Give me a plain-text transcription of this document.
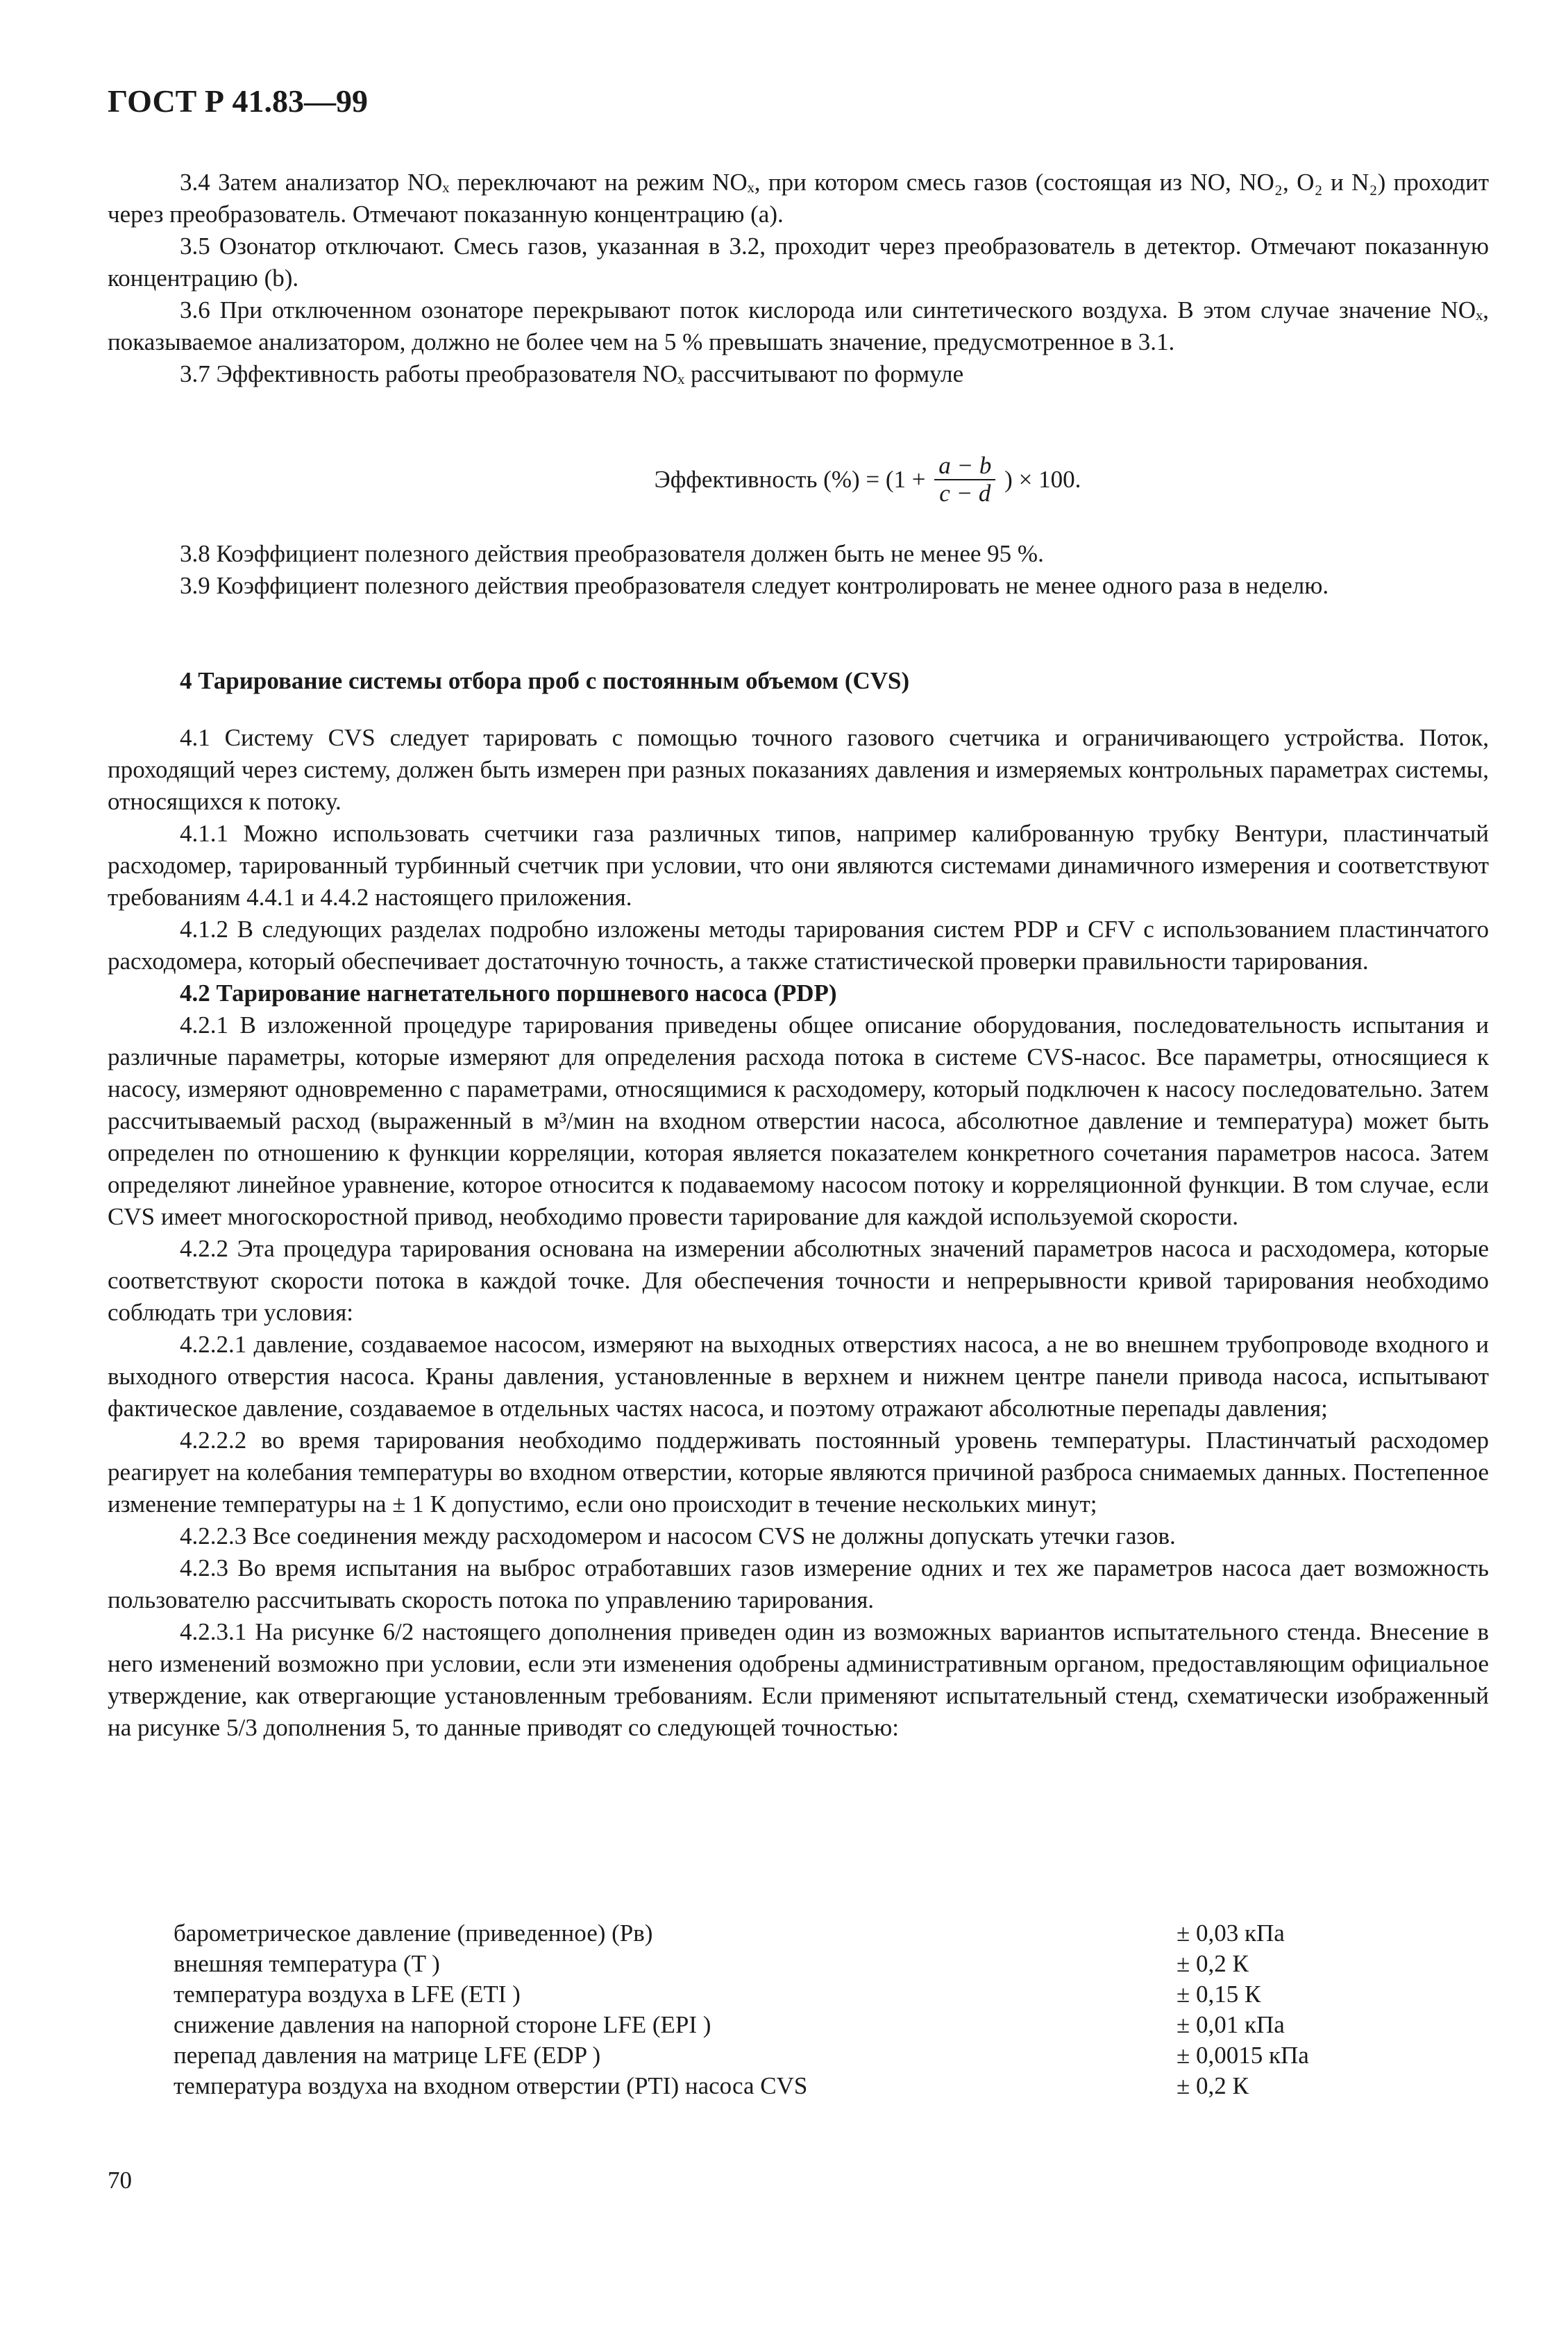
ГОСТ Р 41.83—99

3.4 Затем анализатор NOₓ переключают на режим NOₓ, при котором смесь газов (состоящая из NO, NO₂, O₂ и N₂) проходит через преобразователь. Отмечают показанную концентрацию (a).

3.5 Озонатор отключают. Смесь газов, указанная в 3.2, проходит через преобразователь в детектор. Отмечают показанную концентрацию (b).

3.6 При отключенном озонаторе перекрывают поток кислорода или синтетического воздуха. В этом случае значение NOₓ, показываемое анализатором, должно не более чем на 5 % превышать значение, предусмотренное в 3.1.

3.7 Эффективность работы преобразователя NOₓ рассчитывают по формуле

Эффективность (%) = ($1 + \frac{a - b}{c - d}$ ) × 100.

3.8 Коэффициент полезного действия преобразователя должен быть не менее 95 %.

3.9 Коэффициент полезного действия преобразователя следует контролировать не менее одного раза в неделю.

4 Тарирование системы отбора проб с постоянным объемом (CVS)

4.1 Систему CVS следует тарировать с помощью точного газового счетчика и ограничивающего устройства. Поток, проходящий через систему, должен быть измерен при разных показаниях давления и измеряемых контрольных параметрах системы, относящихся к потоку.

4.1.1 Можно использовать счетчики газа различных типов, например калиброванную трубку Вентури, пластинчатый расходомер, тарированный турбинный счетчик при условии, что они являются системами динамичного измерения и соответствуют требованиям 4.4.1 и 4.4.2 настоящего приложения.

4.1.2 В следующих разделах подробно изложены методы тарирования систем PDP и CFV с использованием пластинчатого расходомера, который обеспечивает достаточную точность, а также статистической проверки правильности тарирования.

4.2 Тарирование нагнетательного поршневого насоса (PDP)

4.2.1 В изложенной процедуре тарирования приведены общее описание оборудования, последовательность испытания и различные параметры, которые измеряют для определения расхода потока в системе CVS-насос. Все параметры, относящиеся к насосу, измеряют одновременно с параметрами, относящимися к расходомеру, который подключен к насосу последовательно. Затем рассчитываемый расход (выраженный в м³/мин на входном отверстии насоса, абсолютное давление и температура) может быть определен по отношению к функции корреляции, которая является показателем конкретного сочетания параметров насоса. Затем определяют линейное уравнение, которое относится к подаваемому насосом потоку и корреляционной функции. В том случае, если CVS имеет многоскоростной привод, необходимо провести тарирование для каждой используемой скорости.

4.2.2 Эта процедура тарирования основана на измерении абсолютных значений параметров насоса и расходомера, которые соответствуют скорости потока в каждой точке. Для обеспечения точности и непрерывности кривой тарирования необходимо соблюдать три условия:

4.2.2.1 давление, создаваемое насосом, измеряют на выходных отверстиях насоса, а не во внешнем трубопроводе входного и выходного отверстия насоса. Краны давления, установленные в верхнем и нижнем центре панели привода насоса, испытывают фактическое давление, создаваемое в отдельных частях насоса, и поэтому отражают абсолютные перепады давления;

4.2.2.2 во время тарирования необходимо поддерживать постоянный уровень температуры. Пластинчатый расходомер реагирует на колебания температуры во входном отверстии, которые являются причиной разброса снимаемых данных. Постепенное изменение температуры на ± 1 К допустимо, если оно происходит в течение нескольких минут;

4.2.2.3 Все соединения между расходомером и насосом CVS не должны допускать утечки газов.

4.2.3 Во время испытания на выброс отработавших газов измерение одних и тех же параметров насоса дает возможность пользователю рассчитывать скорость потока по управлению тарирования.

4.2.3.1 На рисунке 6/2 настоящего дополнения приведен один из возможных вариантов испытательного стенда. Внесение в него изменений возможно при условии, если эти изменения одобрены административным органом, предоставляющим официальное утверждение, как отвергающие установленным требованиям. Если применяют испытательный стенд, схематически изображенный на рисунке 5/3 дополнения 5, то данные приводят со следующей точностью:

барометрическое давление (приведенное) (Pв)	± 0,03 кПа
внешняя температура (T )	± 0,2 К
температура воздуха в LFE (ETI )	± 0,15 К
снижение давления на напорной стороне LFE (EPI )	± 0,01 кПа
перепад давления на матрице LFE (EDP )	± 0,0015 кПа
температура воздуха на входном отверстии (PTI) насоса CVS	± 0,2 К
70
